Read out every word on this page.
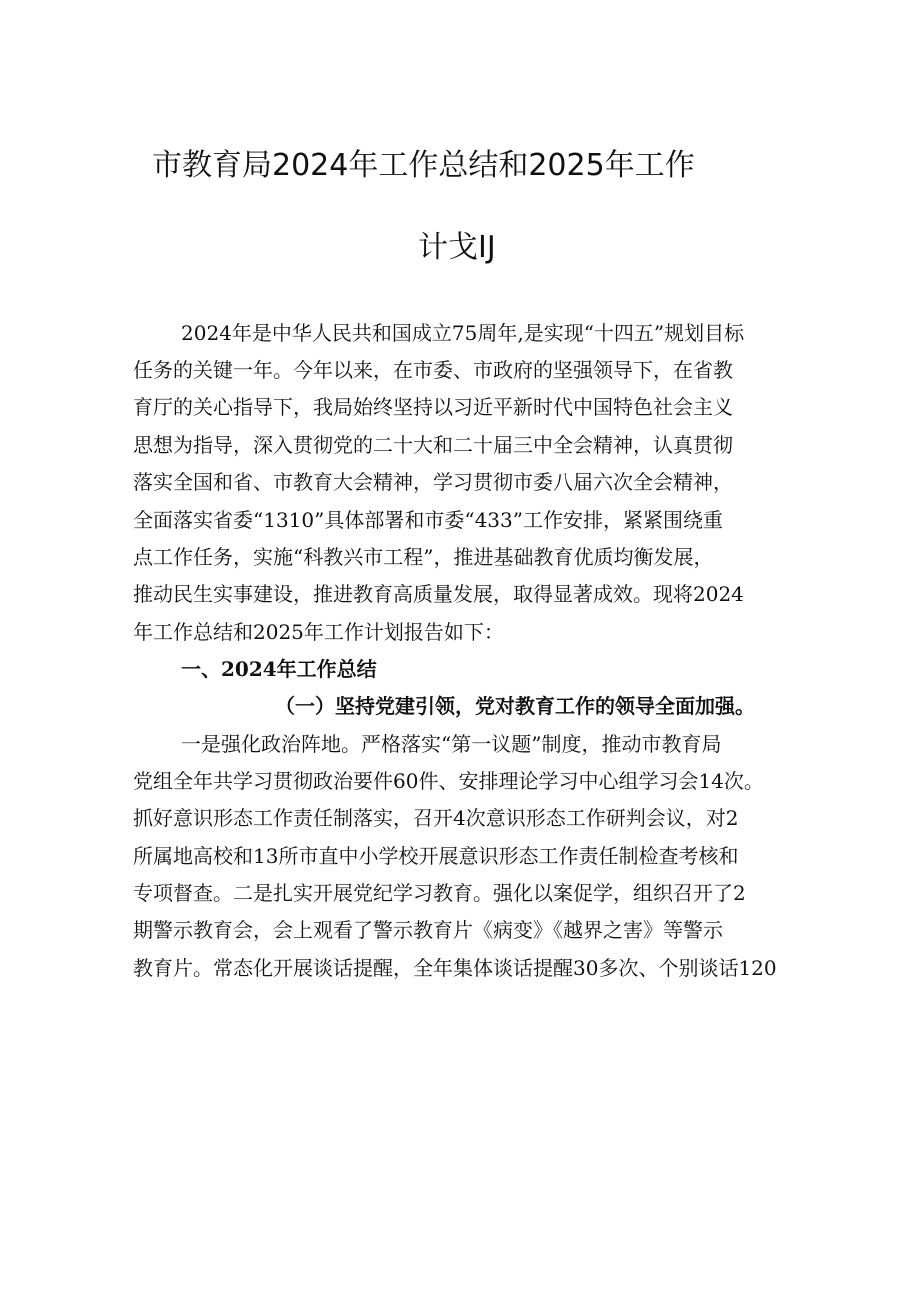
市教育局2024年工作总结和2025年工作
计戈IJ
2024年是中华人民共和国成立75周年,是实现“十四五”规划目标
任务的关键一年。今年以来，在市委、市政府的坚强领导下，在省教
育厅的关心指导下，我局始终坚持以习近平新时代中国特色社会主义
思想为指导，深入贯彻党的二十大和二十届三中全会精神，认真贯彻
落实全国和省、市教育大会精神，学习贯彻市委八届六次全会精神，
全面落实省委“1310”具体部署和市委“433”工作安排，紧紧围绕重
点工作任务，实施“科教兴市工程”，推进基础教育优质均衡发展，
推动民生实事建设，推进教育高质量发展，取得显著成效。现将2024
年工作总结和2025年工作计划报告如下：
一、2024年工作总结
（一）坚持党建引领，党对教育工作的领导全面加强。
一是强化政治阵地。严格落实“第一议题”制度，推动市教育局
党组全年共学习贯彻政治要件60件、安排理论学习中心组学习会14次。
抓好意识形态工作责任制落实，召开4次意识形态工作研判会议，对2
所属地高校和13所市直中小学校开展意识形态工作责任制检查考核和
专项督查。二是扎实开展党纪学习教育。强化以案促学，组织召开了2
期警示教育会，会上观看了警示教育片《病变》《越界之害》等警示
教育片。常态化开展谈话提醒，全年集体谈话提醒30多次、个别谈话120
